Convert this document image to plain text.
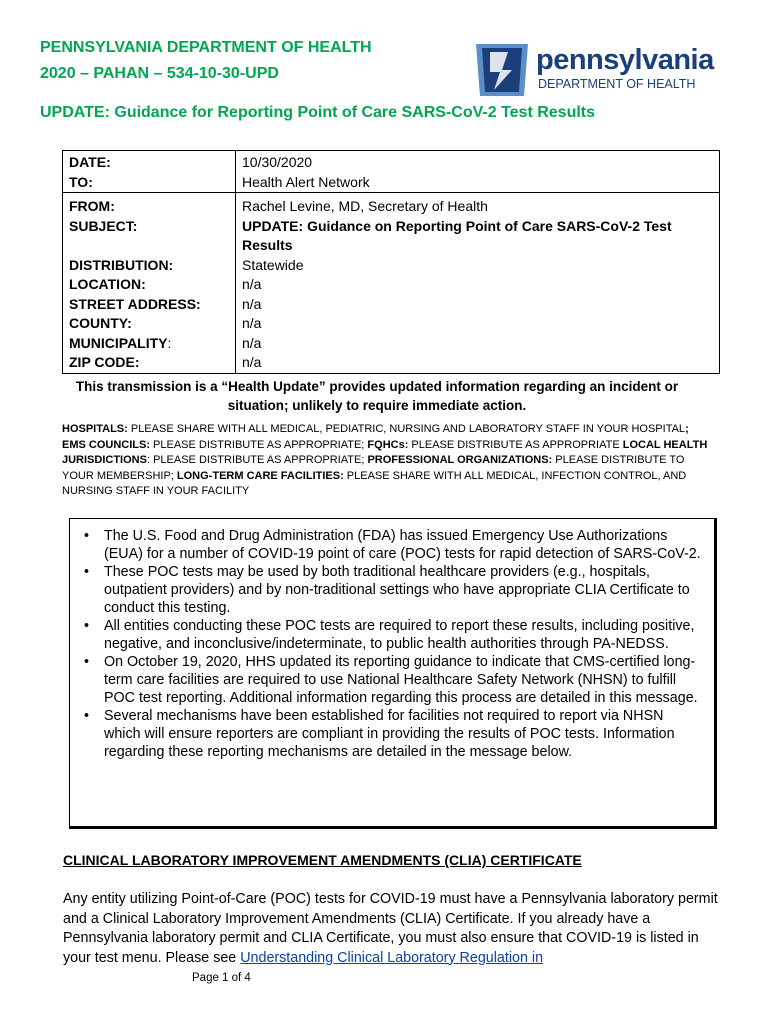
PENNSYLVANIA DEPARTMENT OF HEALTH
2020 – PAHAN – 534-10-30-UPD	pennsylvania
DEPARTMENT OF HEALTH
UPDATE: Guidance for Reporting Point of Care SARS-CoV-2 Test Results
DATE:	10/30/2020
TO:	Health Alert Network
FROM:	Rachel Levine, MD, Secretary of Health
SUBJECT:	UPDATE: Guidance on Reporting Point of Care SARS-CoV-2 Test
Results

DISTRIBUTION:	Statewide
LOCATION:	n/a
STREET ADDRESS:	n/a
COUNTY:	n/a
MUNICIPALITY:	n/a
ZIP CODE:	n/a
This transmission is a “Health Update” provides updated information regarding an incident or
situation; unlikely to require immediate action.
HOSPITALS: PLEASE SHARE WITH ALL MEDICAL, PEDIATRIC, NURSING AND LABORATORY STAFF IN YOUR HOSPITAL; EMS COUNCILS: PLEASE DISTRIBUTE AS APPROPRIATE; FQHCs: PLEASE DISTRIBUTE AS APPROPRIATE LOCAL HEALTH JURISDICTIONS: PLEASE DISTRIBUTE AS APPROPRIATE; PROFESSIONAL ORGANIZATIONS: PLEASE DISTRIBUTE TO YOUR MEMBERSHIP; LONG-TERM CARE FACILITIES: PLEASE SHARE WITH ALL MEDICAL, INFECTION CONTROL, AND NURSING STAFF IN YOUR FACILITY
• The U.S. Food and Drug Administration (FDA) has issued Emergency Use Authorizations (EUA) for a number of COVID-19 point of care (POC) tests for rapid detection of SARS-CoV-2.
• These POC tests may be used by both traditional healthcare providers (e.g., hospitals, outpatient providers) and by non-traditional settings who have appropriate CLIA Certificate to conduct this testing.
• All entities conducting these POC tests are required to report these results, including positive, negative, and inconclusive/indeterminate, to public health authorities through PA-NEDSS.
• On October 19, 2020, HHS updated its reporting guidance to indicate that CMS-certified long-term care facilities are required to use National Healthcare Safety Network (NHSN) to fulfill POC test reporting. Additional information regarding this process are detailed in this message.
• Several mechanisms have been established for facilities not required to report via NHSN which will ensure reporters are compliant in providing the results of POC tests. Information regarding these reporting mechanisms are detailed in the message below.
CLINICAL LABORATORY IMPROVEMENT AMENDMENTS (CLIA) CERTIFICATE
Any entity utilizing Point-of-Care (POC) tests for COVID-19 must have a Pennsylvania laboratory permit and a Clinical Laboratory Improvement Amendments (CLIA) Certificate. If you already have a Pennsylvania laboratory permit and CLIA Certificate, you must also ensure that COVID-19 is listed in your test menu. Please see Understanding Clinical Laboratory Regulation in
Page 1 of 4
